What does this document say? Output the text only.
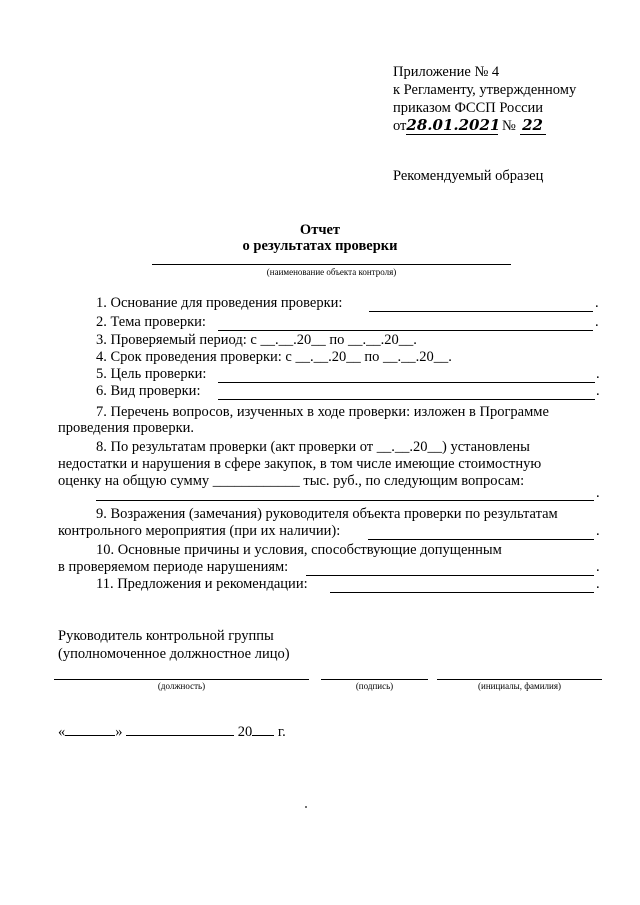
Приложение № 4
к Регламенту, утвержденному
приказом ФССП России
от28.01.2021 № 22
Рекомендуемый образец
Отчет
о результатах проверки
(наименование объекта контроля)
1. Основание для проведения проверки:	.
2. Тема проверки:	.
3. Проверяемый период: с __.__.20__ по __.__.20__.
4. Срок проведения проверки: с __.__.20__ по __.__.20__.
5. Цель проверки:	.
6. Вид проверки:	.
7. Перечень вопросов, изученных в ходе проверки: изложен в Программе
проведения проверки.
8. По результатам проверки (акт проверки от __.__.20__) установлены
недостатки и нарушения в сфере закупок, в том числе имеющие стоимостную
оценку на общую сумму ____________ тыс. руб., по следующим вопросам:
.
9. Возражения (замечания) руководителя объекта проверки по результатам
контрольного мероприятия (при их наличии):	.
10. Основные причины и условия, способствующие допущенным
в проверяемом периоде нарушениям:	.
11. Предложения и рекомендации:	.
Руководитель контрольной группы
(уполномоченное должностное лицо)
(должность)	(подпись)	(инициалы, фамилия)
«	»	20 г.
